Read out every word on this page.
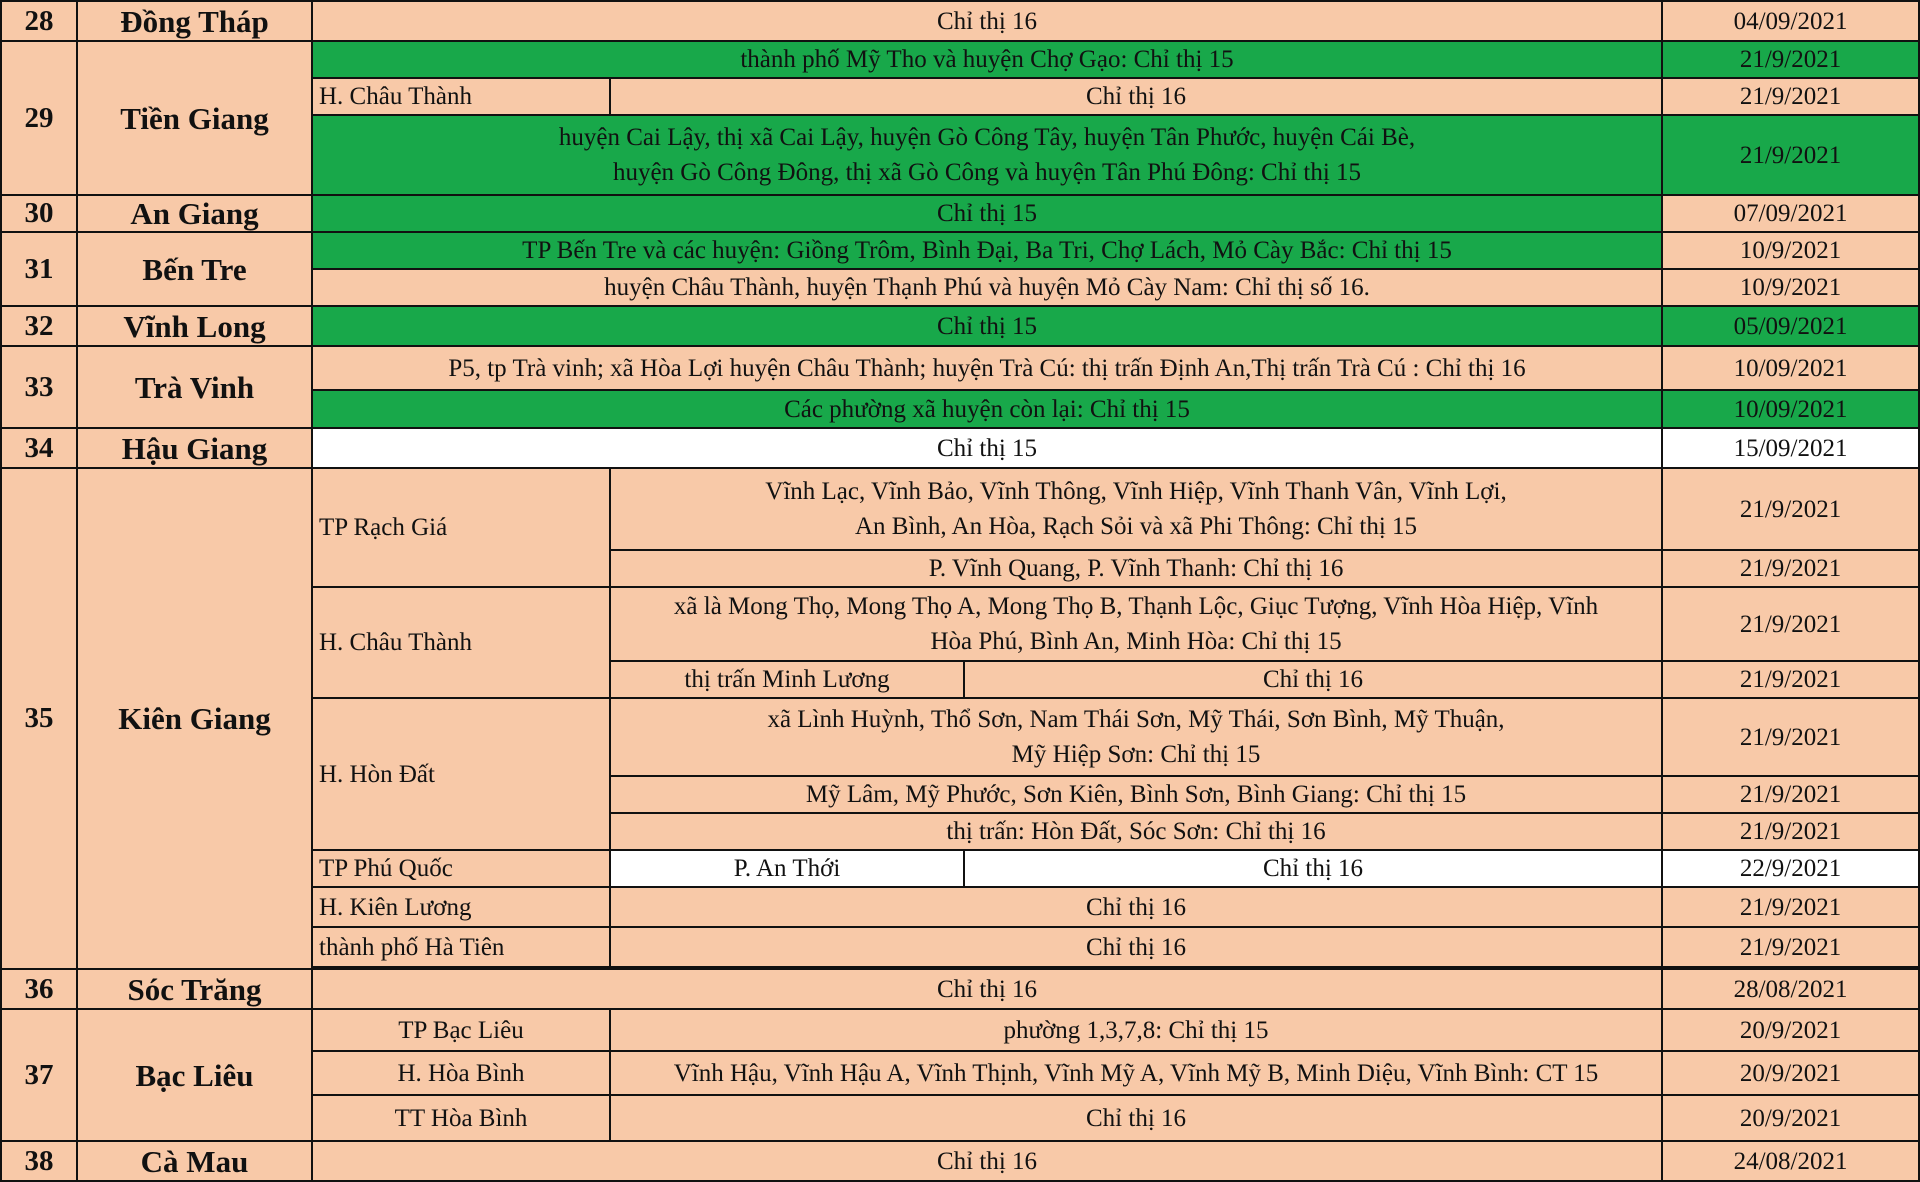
28	Đồng Tháp	Chỉ thị 16			04/09/2021
29	Tiền Giang	thành phố Mỹ Tho và huyện Chợ Gạo: Chỉ thị 15			21/9/2021
		H. Châu Thành	Chỉ thị 16		21/9/2021
		huyện Cai Lậy, thị xã Cai Lậy, huyện Gò Công Tây, huyện Tân Phước, huyện Cái Bè,
huyện Gò Công Đông, thị xã Gò Công và huyện Tân Phú Đông: Chỉ thị 15			21/9/2021
30	An Giang	Chỉ thị 15			07/09/2021
31	Bến Tre	TP Bến Tre và các huyện: Giồng Trôm, Bình Đại, Ba Tri, Chợ Lách, Mỏ Cày Bắc: Chỉ thị 15			10/9/2021
		huyện Châu Thành, huyện Thạnh Phú và huyện Mỏ Cày Nam: Chỉ thị số 16.			10/9/2021
32	Vĩnh Long	Chỉ thị 15			05/09/2021
33	Trà Vinh	P5, tp Trà vinh; xã Hòa Lợi huyện Châu Thành; huyện Trà Cú: thị trấn Định An,Thị trấn Trà Cú : Chỉ thị 16			10/09/2021
		Các phường xã huyện còn lại: Chỉ thị 15			10/09/2021
34	Hậu Giang	Chỉ thị 15			15/09/2021
35	Kiên Giang	TP Rạch Giá	Vĩnh Lạc, Vĩnh Bảo, Vĩnh Thông, Vĩnh Hiệp, Vĩnh Thanh Vân, Vĩnh Lợi,
An Bình, An Hòa, Rạch Sỏi và xã Phi Thông: Chỉ thị 15		21/9/2021
			P. Vĩnh Quang, P. Vĩnh Thanh: Chỉ thị 16		21/9/2021
		H. Châu Thành	xã là Mong Thọ, Mong Thọ A, Mong Thọ B, Thạnh Lộc, Giục Tượng, Vĩnh Hòa Hiệp, Vĩnh
Hòa Phú, Bình An, Minh Hòa: Chỉ thị 15		21/9/2021
			thị trấn Minh Lương	Chỉ thị 16	21/9/2021
		H. Hòn Đất	xã Lình Huỳnh, Thổ Sơn, Nam Thái Sơn, Mỹ Thái, Sơn Bình, Mỹ Thuận,
Mỹ Hiệp Sơn: Chỉ thị 15		21/9/2021
			Mỹ Lâm, Mỹ Phước, Sơn Kiên, Bình Sơn, Bình Giang: Chỉ thị 15		21/9/2021
			thị trấn: Hòn Đất, Sóc Sơn: Chỉ thị 16		21/9/2021
		TP Phú Quốc	P. An Thới	Chỉ thị 16	22/9/2021
		H. Kiên Lương	Chỉ thị 16		21/9/2021
		thành phố Hà Tiên	Chỉ thị 16		21/9/2021

36	Sóc Trăng	Chỉ thị 16			28/08/2021
37	Bạc Liêu	TP Bạc Liêu	phường 1,3,7,8: Chỉ thị 15		20/9/2021
		H. Hòa Bình	Vĩnh Hậu, Vĩnh Hậu A, Vĩnh Thịnh, Vĩnh Mỹ A, Vĩnh Mỹ B, Minh Diệu, Vĩnh Bình: CT 15		20/9/2021
		TT Hòa Bình	Chỉ thị 16		20/9/2021
38	Cà Mau	Chỉ thị 16			24/08/2021
